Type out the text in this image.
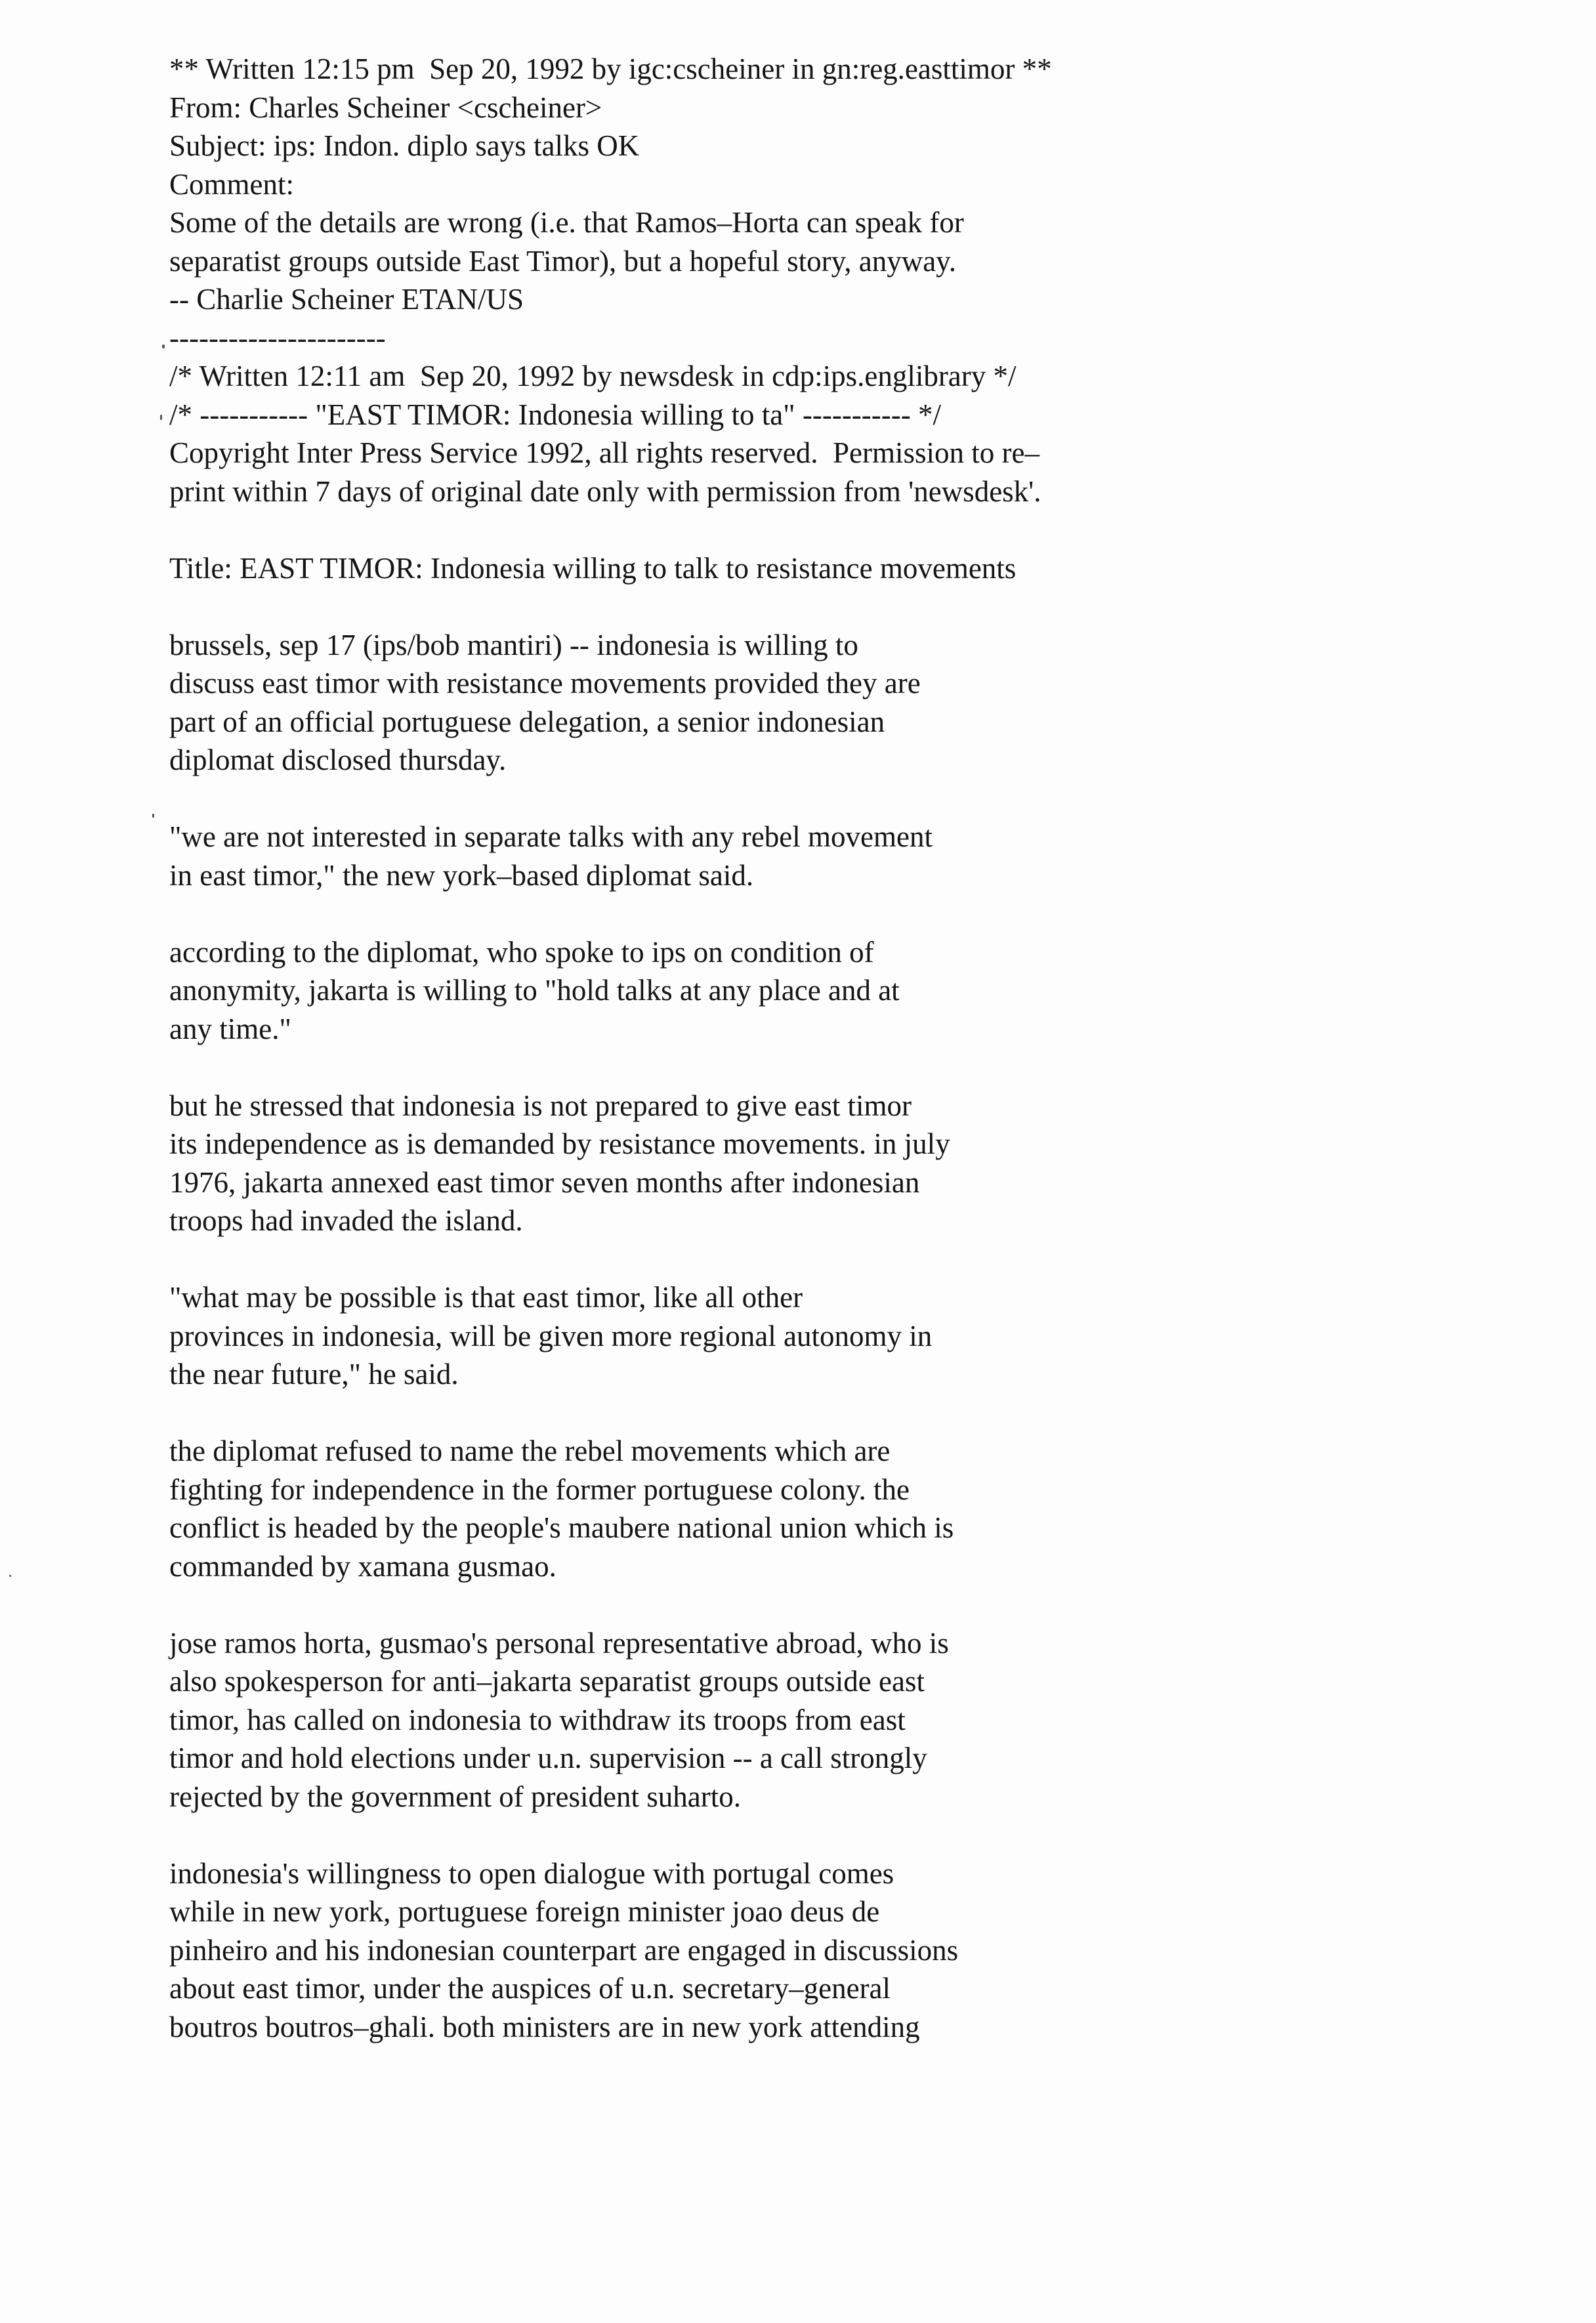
** Written 12:15 pm  Sep 20, 1992 by igc:cscheiner in gn:reg.easttimor **
From: Charles Scheiner <cscheiner>
Subject: ips: Indon. diplo says talks OK
Comment:
Some of the details are wrong (i.e. that Ramos–Horta can speak for
separatist groups outside East Timor), but a hopeful story, anyway.
-- Charlie Scheiner ETAN/US
----------------------
/* Written 12:11 am  Sep 20, 1992 by newsdesk in cdp:ips.englibrary */
/* ----------- "EAST TIMOR: Indonesia willing to ta" ----------- */
Copyright Inter Press Service 1992, all rights reserved.  Permission to re–
print within 7 days of original date only with permission from 'newsdesk'.
Title: EAST TIMOR: Indonesia willing to talk to resistance movements
brussels, sep 17 (ips/bob mantiri) -- indonesia is willing to
discuss east timor with resistance movements provided they are
part of an official portuguese delegation, a senior indonesian
diplomat disclosed thursday.
"we are not interested in separate talks with any rebel movement
in east timor," the new york–based diplomat said.
according to the diplomat, who spoke to ips on condition of
anonymity, jakarta is willing to "hold talks at any place and at
any time."
but he stressed that indonesia is not prepared to give east timor
its independence as is demanded by resistance movements. in july
1976, jakarta annexed east timor seven months after indonesian
troops had invaded the island.
"what may be possible is that east timor, like all other
provinces in indonesia, will be given more regional autonomy in
the near future," he said.
the diplomat refused to name the rebel movements which are
fighting for independence in the former portuguese colony. the
conflict is headed by the people's maubere national union which is
commanded by xamana gusmao.
jose ramos horta, gusmao's personal representative abroad, who is
also spokesperson for anti–jakarta separatist groups outside east
timor, has called on indonesia to withdraw its troops from east
timor and hold elections under u.n. supervision -- a call strongly
rejected by the government of president suharto.
indonesia's willingness to open dialogue with portugal comes
while in new york, portuguese foreign minister joao deus de
pinheiro and his indonesian counterpart are engaged in discussions
about east timor, under the auspices of u.n. secretary–general
boutros boutros–ghali. both ministers are in new york attending
